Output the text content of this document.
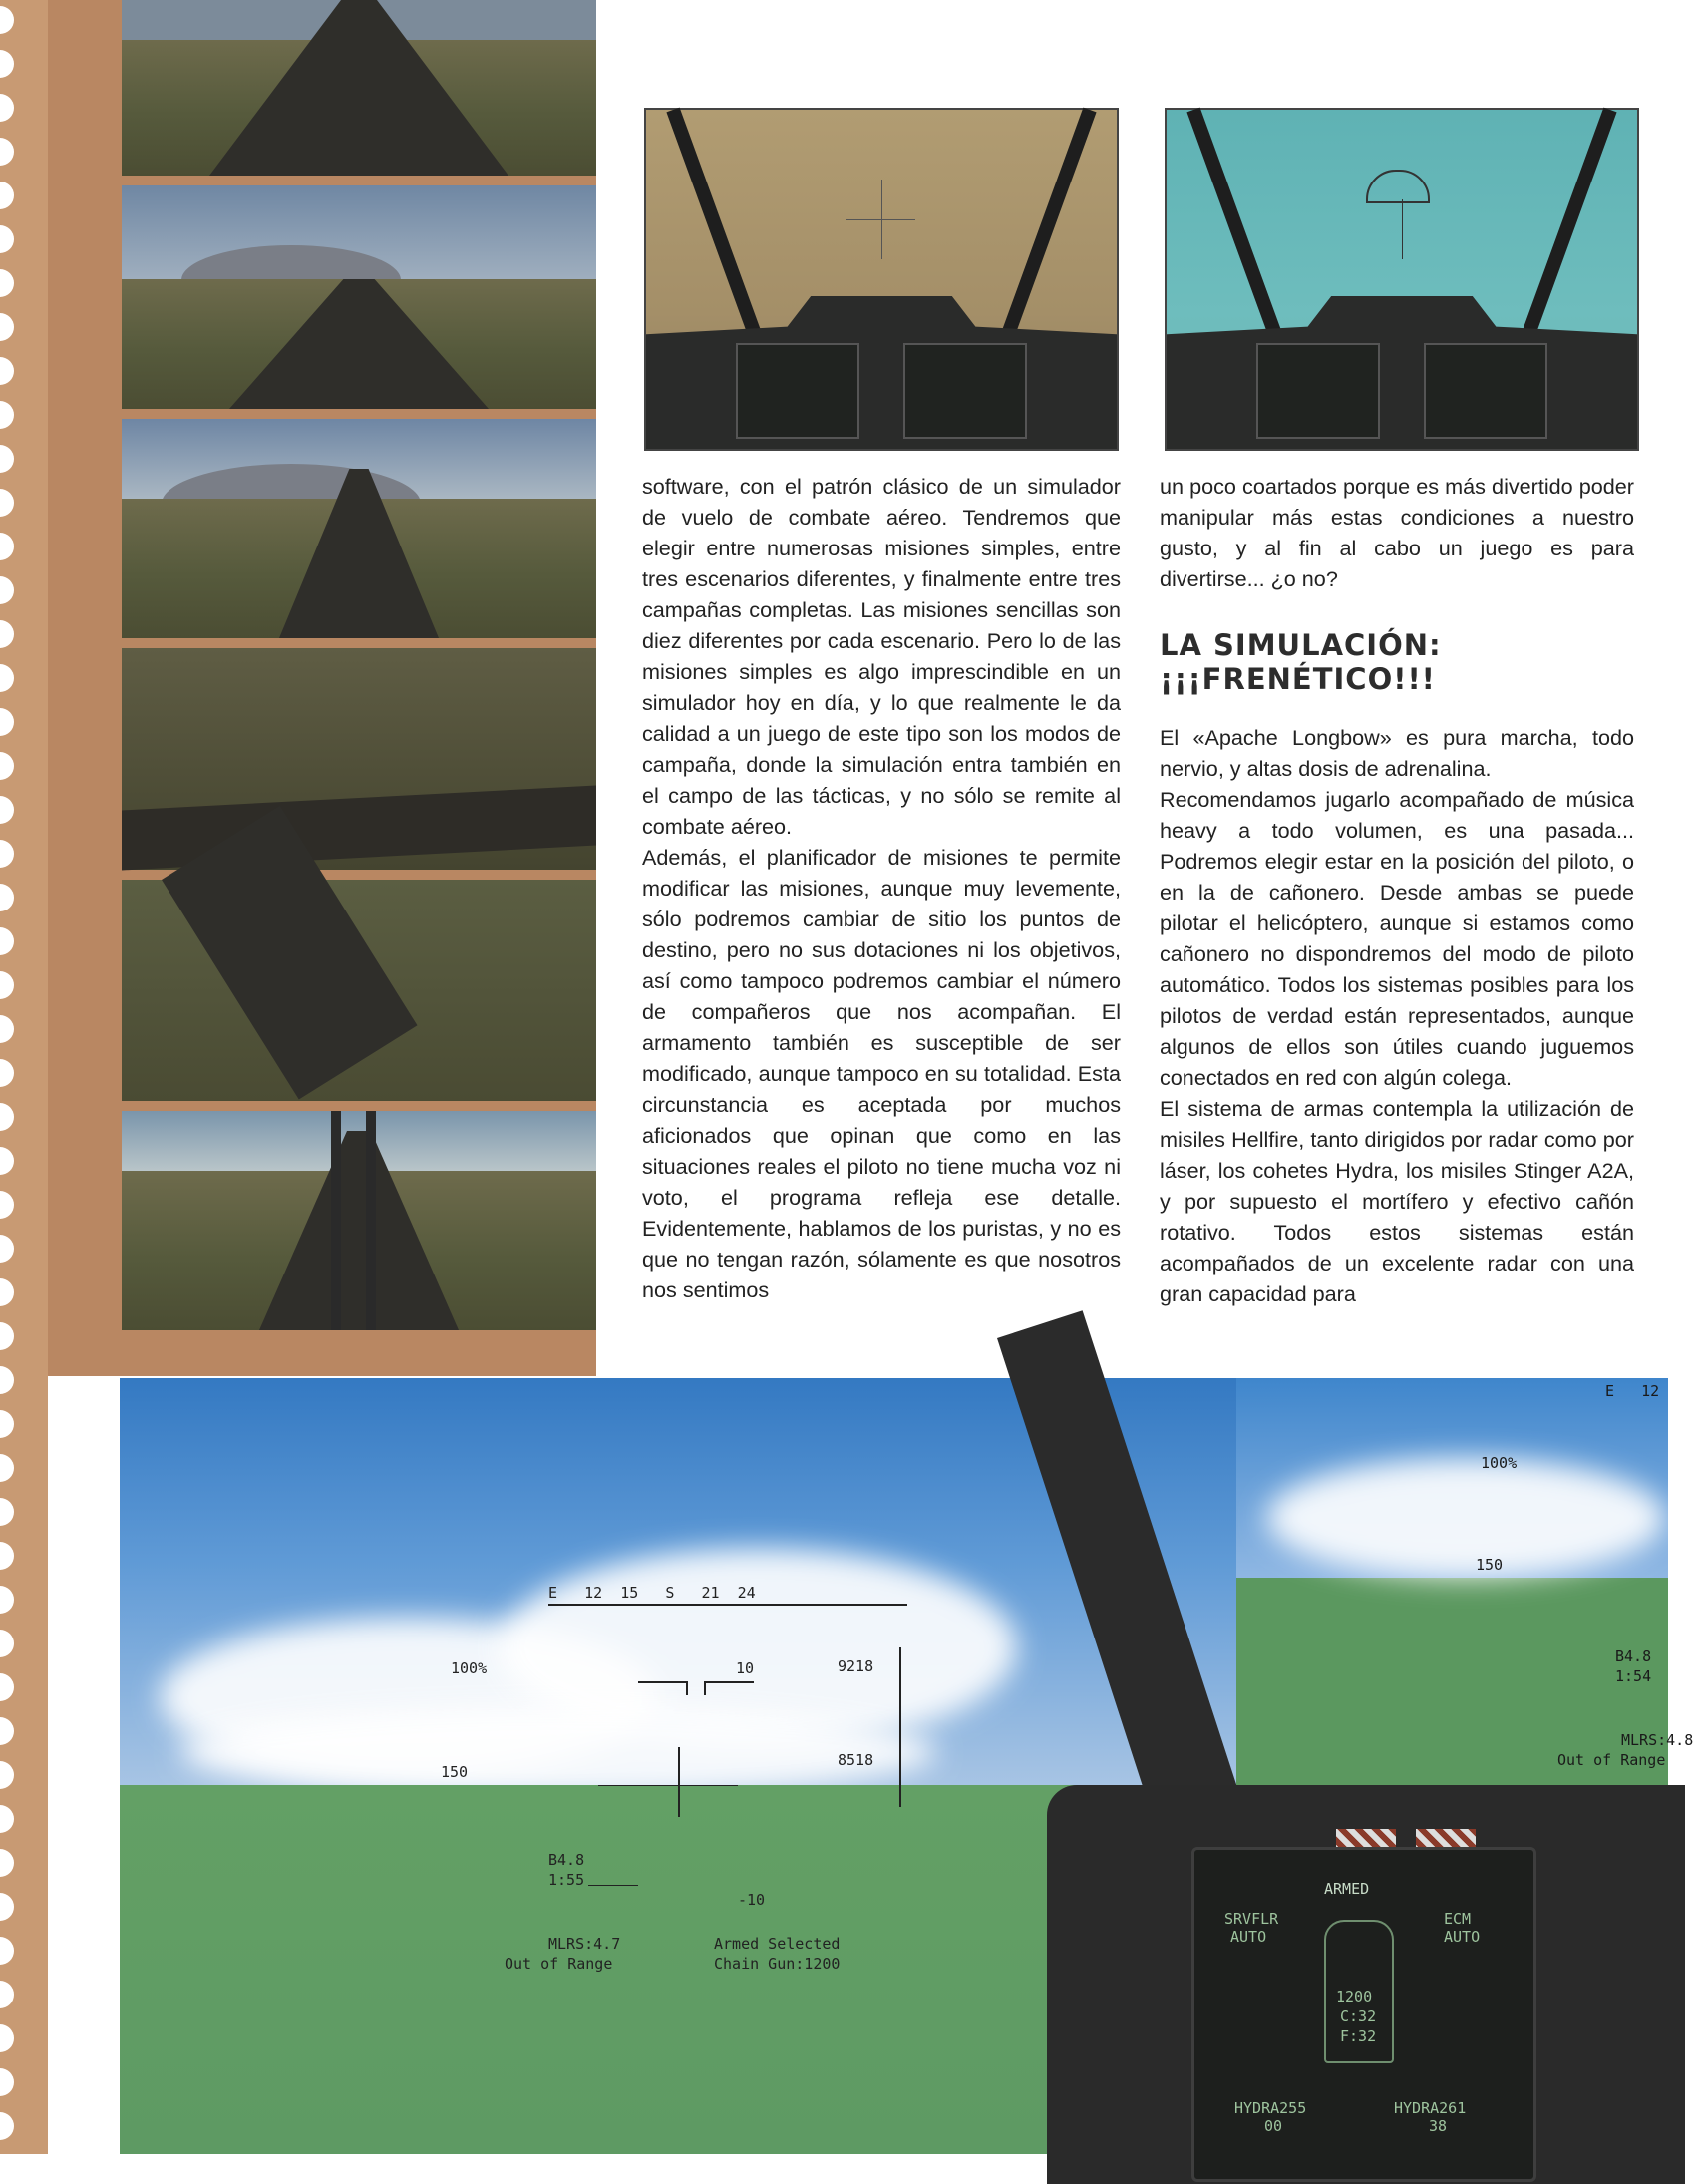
software, con el patrón clásico de un simulador de vuelo de combate aéreo. Tendremos que elegir entre numerosas misiones simples, entre tres escenarios diferentes, y finalmente entre tres campañas completas. Las misiones sencillas son diez diferentes por cada escenario. Pero lo de las misiones simples es algo imprescindible en un simulador hoy en día, y lo que realmente le da calidad a un juego de este tipo son los modos de campaña, donde la simulación entra también en el campo de las tácticas, y no sólo se remite al combate aéreo.

Además, el planificador de misiones te permite modificar las misiones, aunque muy levemente, sólo podremos cambiar de sitio los puntos de destino, pero no sus dotaciones ni los objetivos, así como tampoco podremos cambiar el número de compañeros que nos acompañan. El armamento también es susceptible de ser modificado, aunque tampoco en su totalidad. Esta circunstancia es aceptada por muchos aficionados que opinan que como en las situaciones reales el piloto no tiene mucha voz ni voto, el programa refleja ese detalle. Evidentemente, hablamos de los puristas, y no es que no tengan razón, sólamente es que nosotros nos sentimos

un poco coartados porque es más divertido poder manipular más estas condiciones a nuestro gusto, y al fin al cabo un juego es para divertirse... ¿o no?

LA SIMULACIÓN:
¡¡¡FRENÉTICO!!!

El «Apache Longbow» es pura marcha, todo nervio, y altas dosis de adrenalina.

Recomendamos jugarlo acompañado de música heavy a todo volumen, es una pasada... Podremos elegir estar en la posición del piloto, o en la de cañonero. Desde ambas se puede pilotar el helicóptero, aunque si estamos como cañonero no dispondremos del modo de piloto automático. Todos los sistemas posibles para los pilotos de verdad están representados, aunque algunos de ellos son útiles cuando juguemos conectados en red con algún colega.

El sistema de armas contempla la utilización de misiles Hellfire, tanto dirigidos por radar como por láser, los cohetes Hydra, los misiles Stinger A2A, y por supuesto el mortífero y efectivo cañón rotativo. Todos estos sistemas están acompañados de un excelente radar con una gran capacidad para

E   12
100%
150
B4.8
1:54
MLRS:4.8
Out of Range
E   12  15   S   21  24
100%
150
10	9218
8518
B4.8
1:55
-10
MLRS:4.7
Out of Range
Armed Selected
Chain Gun:1200
ARMED
SRVFLR
AUTO
ECM
AUTO
1200
C:32
F:32
HYDRA255
00
HYDRA261
38
